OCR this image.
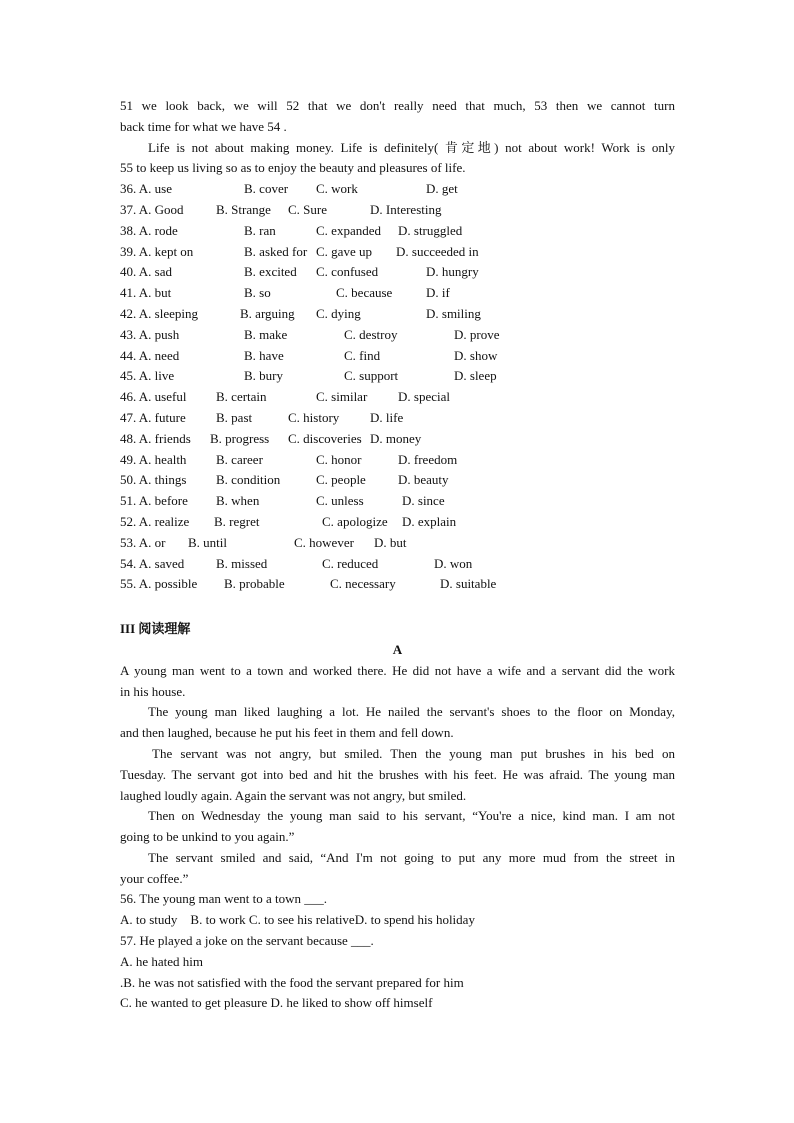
51 we look back, we will 52 that we don't really need that much, 53 then we cannot turn
back time for what we have 54 .
Life is not about making money. Life is definitely( 肯定地) not about work! Work is only
55 to keep us living so as to enjoy the beauty and pleasures of life.
36. A. use	B. cover C. work	D. get
37. A. Good B. Strange C. Sure	D. Interesting
38. A. rode	B. ran	C. expanded D. struggled
39. A. kept on	B. asked for C. gave up D. succeeded in
40. A. sad	B. excited C. confused	D. hungry
41. A. but	B. so	C. because	D. if
42. A. sleeping	B. arguing C. dying	D. smiling
43. A. push	B. make	C. destroy	D. prove
44. A. need	B. have	C. find	D. show
45. A. live	B. bury	C. support	D. sleep
46. A. useful B. certain	C. similar D. special
47. A. future B. past	C. history D. life
48. A. friends B. progress C. discoveries D. money
49. A. health B. career	C. honor	D. freedom
50. A. things B. condition	C. people D. beauty
51. A. before B. when	C. unless	D. since
52. A. realize B. regret	C. apologize D. explain
53. A. or B. until	C. however D. but
54. A. saved B. missed	C. reduced	D. won
55. A. possible B. probable	C. necessary	D. suitable
III 阅读理解
A
A young man went to a town and worked there. He did not have a wife and a servant did the work
in his house.
The young man liked laughing a lot. He nailed the servant's shoes to the floor on Monday,
and then laughed, because he put his feet in them and fell down.
The servant was not angry, but smiled. Then the young man put brushes in his bed on
Tuesday. The servant got into bed and hit the brushes with his feet. He was afraid. The young man
laughed loudly again. Again the servant was not angry, but smiled.
Then on Wednesday the young man said to his servant, “You're a nice, kind man. I am not
going to be unkind to you again.”
The servant smiled and said, “And I'm not going to put any more mud from the street in
your coffee.”
56. The young man went to a town ___.
A. to study    B. to work C. to see his relativeD. to spend his holiday
57. He played a joke on the servant because ___.
A. he hated him
.B. he was not satisfied with the food the servant prepared for him
C. he wanted to get pleasure D. he liked to show off himself
